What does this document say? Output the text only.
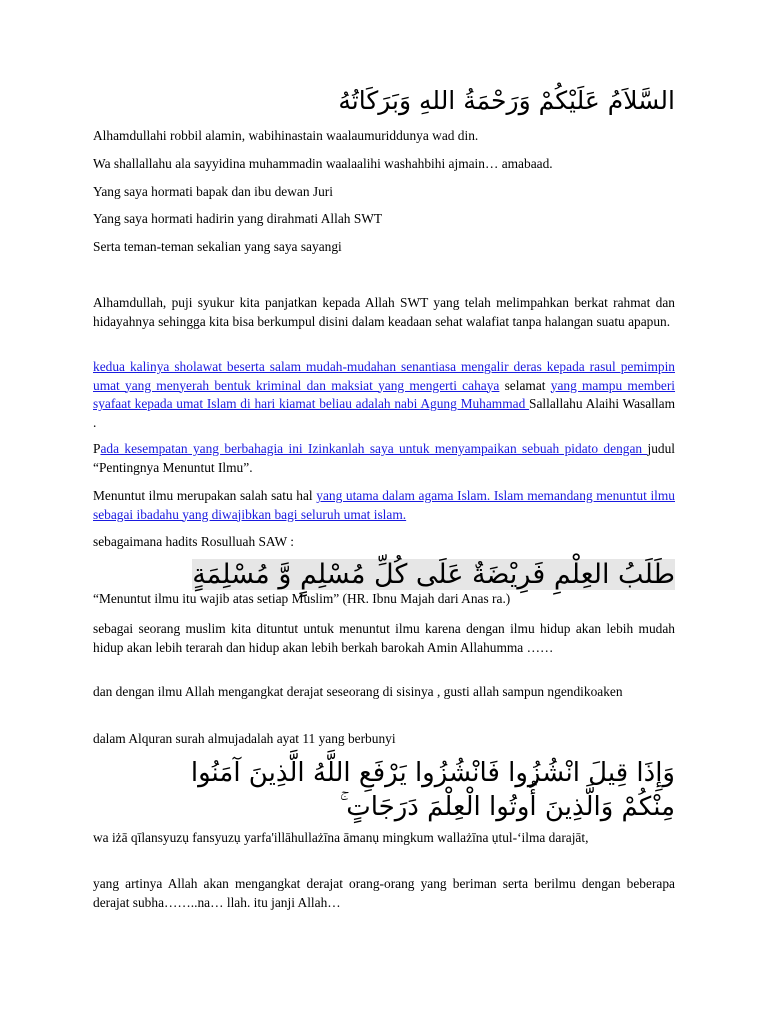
السَّلاَمُ عَلَيْكُمْ وَرَحْمَةُ اللهِ وَبَرَكَاتُهُ

Alhamdullahi robbil alamin, wabihinastain waalaumuriddunya wad din.

Wa shallallahu ala sayyidina muhammadin waalaalihi washahbihi ajmain… amabaad.

Yang saya hormati bapak dan ibu dewan Juri

Yang saya hormati hadirin yang dirahmati Allah SWT

Serta teman-teman sekalian yang saya sayangi

Alhamdullah, puji syukur kita panjatkan kepada Allah SWT yang telah melimpahkan berkat rahmat dan hidayahnya sehingga kita bisa berkumpul disini dalam keadaan sehat walafiat tanpa halangan suatu apapun.

kedua kalinya sholawat beserta salam mudah-mudahan senantiasa mengalir deras kepada rasul pemimpin umat yang menyerah bentuk kriminal dan maksiat yang mengerti cahaya selamat yang mampu memberi syafaat kepada umat Islam di hari kiamat beliau adalah nabi Agung Muhammad Sallallahu Alaihi Wasallam .

Pada kesempatan yang berbahagia ini Izinkanlah saya untuk menyampaikan sebuah pidato dengan judul “Pentingnya Menuntut Ilmu”.

Menuntut ilmu merupakan salah satu hal yang utama dalam agama Islam. Islam memandang menuntut ilmu sebagai ibadahu yang diwajibkan bagi seluruh umat islam.

sebagaimana hadits Rosulluah SAW :

طَلَبُ العِلْمِ فَرِيْضَةٌ عَلَى كُلِّ مُسْلِمٍ وَّ مُسْلِمَةٍ

“Menuntut ilmu itu wajib atas setiap Muslim” (HR. Ibnu Majah dari Anas ra.)

sebagai seorang muslim kita dituntut untuk menuntut ilmu karena dengan ilmu hidup akan lebih mudah hidup akan lebih terarah dan hidup akan lebih berkah barokah Amin Allahumma ……

dan dengan ilmu Allah mengangkat derajat seseorang di sisinya , gusti allah sampun ngendikoaken

dalam Alquran surah almujadalah ayat 11 yang berbunyi

وَإِذَا قِيلَ انْشُزُوا فَانْشُزُوا يَرْفَعِ اللَّهُ الَّذِينَ آمَنُوا

مِنْكُمْ وَالَّذِينَ أُوتُوا الْعِلْمَ دَرَجَاتٍ ۚ

wa iżā qīlansyuzụ fansyuzụ yarfa'illāhullażīna āmanụ mingkum wallażīna ụtul-‘ilma darajāt,

yang artinya Allah akan mengangkat derajat orang-orang yang beriman serta berilmu dengan beberapa derajat subha……..na… llah. itu janji Allah…
